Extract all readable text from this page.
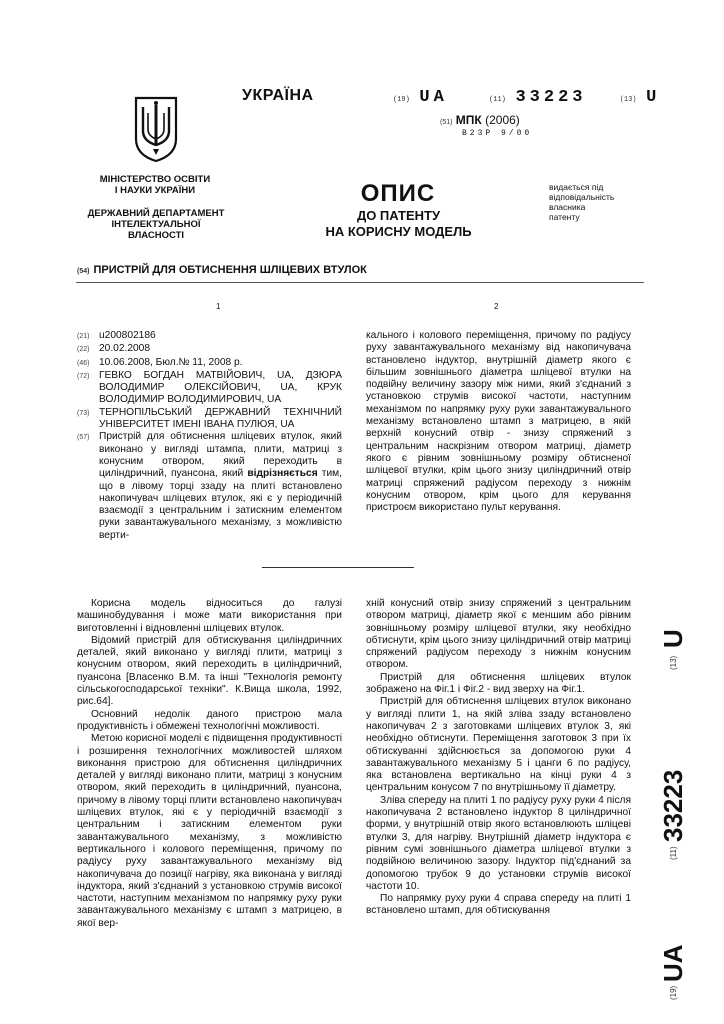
МІНІСТЕРСТВО ОСВІТИ
І НАУКИ УКРАЇНИ
ДЕРЖАВНИЙ ДЕПАРТАМЕНТ
ІНТЕЛЕКТУАЛЬНОЇ
ВЛАСНОСТІ
УКРАЇНА	(19) UA	(11) 33223	(13) U
(51) МПК (2006)
B23P 9/00
ОПИС
ДО ПАТЕНТУ
НА КОРИСНУ МОДЕЛЬ
видається під
відповідальність
власника
патенту
(54) ПРИСТРІЙ ДЛЯ ОБТИСНЕННЯ ШЛІЦЕВИХ ВТУЛОК
1	2
(21) u200802186
(22) 20.02.2008
(46) 10.06.2008, Бюл.№ 11, 2008 р.
(72) ГЕВКО БОГДАН МАТВІЙОВИЧ, UA, ДЗЮРА ВОЛОДИМИР ОЛЕКСІЙОВИЧ, UA, КРУК ВОЛОДИМИР ВОЛОДИМИРОВИЧ, UA
(73) ТЕРНОПІЛЬСЬКИЙ ДЕРЖАВНИЙ ТЕХНІЧНИЙ УНІВЕРСИТЕТ ІМЕНІ ІВАНА ПУЛЮЯ, UA
(57) Пристрій для обтиснення шліцевих втулок, який виконано у вигляді штампа, плити, матриці з конусним отвором, який переходить в циліндричний, пуансона, який відрізняється тим, що в лівому торці ззаду на плиті встановлено накопичувач шліцевих втулок, які є у періодичній взаємодії з центральним і затискним елементом руки завантажувального механізму, з можливістю верти-

кального і колового переміщення, причому по радіусу руху завантажувального механізму від накопичувача встановлено індуктор, внутрішній діаметр якого є більшим зовнішнього діаметра шліцевої втулки на подвійну величину зазору між ними, який з'єднаний з установкою струмів високої частоти, наступним механізмом по напрямку руху руки завантажувального механізму встановлено штамп з матрицею, в якій верхній конусний отвір - знизу спряжений з центральним наскрізним отвором матриці, діаметр якого є рівним зовнішньому розміру обтисненої шліцевої втулки, крім цього знизу циліндричний отвір матриці спряжений радіусом переходу з нижнім конусним отвором, крім цього для керування пристроєм використано пульт керування.

Корисна модель відноситься до галузі машинобудування і може мати використання при виготовленні і відновленні шліцевих втулок.

Відомий пристрій для обтискування циліндричних деталей, який виконано у вигляді плити, матриці з конусним отвором, який переходить в циліндричний, пуансона [Власенко В.М. та інші "Технологія ремонту сільськогосподарської техніки". К.Вища школа, 1992, рис.64].

Основний недолік даного пристрою мала продуктивність і обмежені технологічні можливості.

Метою корисної моделі є підвищення продуктивності і розширення технологічних можливостей шляхом виконання пристрою для обтиснення циліндричних деталей у вигляді виконано плити, матриці з конусним отвором, який переходить в циліндричний, пуансона, причому в лівому торці плити встановлено накопичувач шліцевих втулок, які є у періодичній взаємодії з центральним і затискним елементом руки завантажувального механізму, з можливістю вертикального і колового переміщення, причому по радіусу руху завантажувального механізму від накопичувача до позиції нагріву, яка виконана у вигляді індуктора, який з'єднаний з установкою струмів високої частоти, наступним механізмом по напрямку руху руки завантажувального механізму є штамп з матрицею, в якої вер-

хній конусний отвір знизу спряжений з центральним отвором матриці, діаметр якої є меншим або рівним зовнішньому розміру шліцевої втулки, яку необхідно обтиснути, крім цього знизу циліндричний отвір матриці спряжений радіусом переходу з нижнім конусним отвором.

Пристрій для обтиснення шліцевих втулок зображено на Фіг.1 і Фіг.2 - вид зверху на Фіг.1.

Пристрій для обтиснення шліцевих втулок виконано у вигляді плити 1, на якій зліва ззаду встановлено накопичувач 2 з заготовками шліцевих втулок 3, які необхідно обтиснути. Переміщення заготовок 3 при їх обтискуванні здійснюється за допомогою руки 4 завантажувального механізму 5 і цанги 6 по радіусу, яка встановлена вертикально на кінці руки 4 з центральним конусом 7 по внутрішньому її діаметру.

Зліва спереду на плиті 1 по радіусу руху руки 4 після накопичувача 2 встановлено індуктор 8 циліндричної форми, у внутрішній отвір якого встановлюють шліцеві втулки 3, для нагріву. Внутрішній діаметр індуктора є рівним сумі зовнішнього діаметра шліцевої втулки з подвійною величиною зазору. Індуктор під'єднаний за допомогою трубок 9 до установки струмів високої частоти 10.

По напрямку руху руки 4 справа спереду на плиті 1 встановлено штамп, для обтискування

(19)
UA
(11)
33223
(13)
U
